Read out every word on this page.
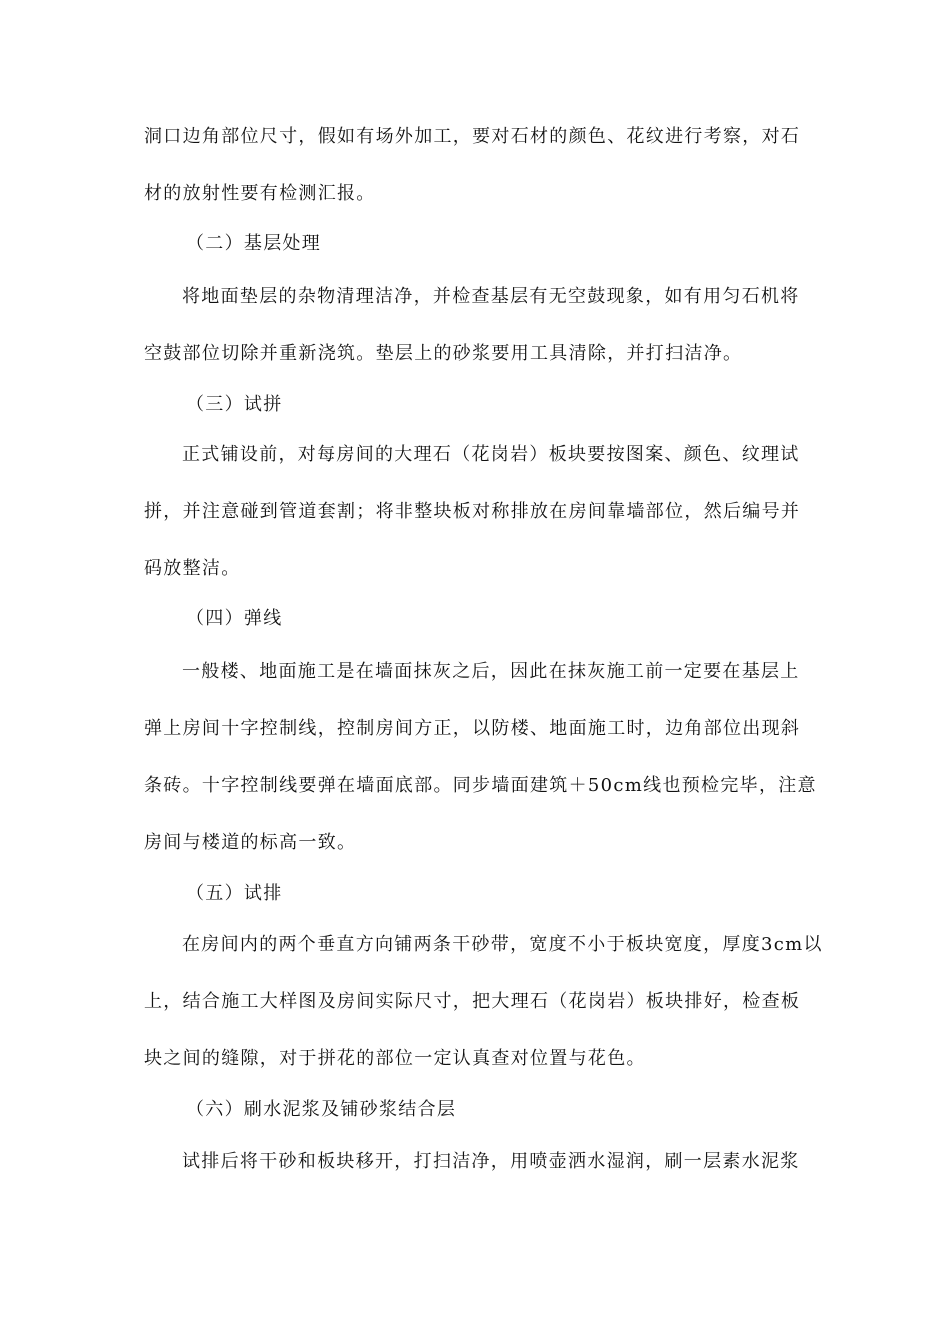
洞口边角部位尺寸，假如有场外加工，要对石材的颜色、花纹进行考察，对石
材的放射性要有检测汇报。
（二）基层处理
将地面垫层的杂物清理洁净，并检查基层有无空鼓现象，如有用匀石机将
空鼓部位切除并重新浇筑。垫层上的砂浆要用工具清除，并打扫洁净。
（三）试拼
正式铺设前，对每房间的大理石（花岗岩）板块要按图案、颜色、纹理试
拼，并注意碰到管道套割；将非整块板对称排放在房间靠墙部位，然后编号并
码放整洁。
（四）弹线
一般楼、地面施工是在墙面抹灰之后，因此在抹灰施工前一定要在基层上
弹上房间十字控制线，控制房间方正，以防楼、地面施工时，边角部位出现斜
条砖。十字控制线要弹在墙面底部。同步墙面建筑＋50cm线也预检完毕，注意
房间与楼道的标高一致。
（五）试排
在房间内的两个垂直方向铺两条干砂带，宽度不小于板块宽度，厚度3cm以
上，结合施工大样图及房间实际尺寸，把大理石（花岗岩）板块排好，检查板
块之间的缝隙，对于拼花的部位一定认真查对位置与花色。
（六）刷水泥浆及铺砂浆结合层
试排后将干砂和板块移开，打扫洁净，用喷壶洒水湿润，刷一层素水泥浆
